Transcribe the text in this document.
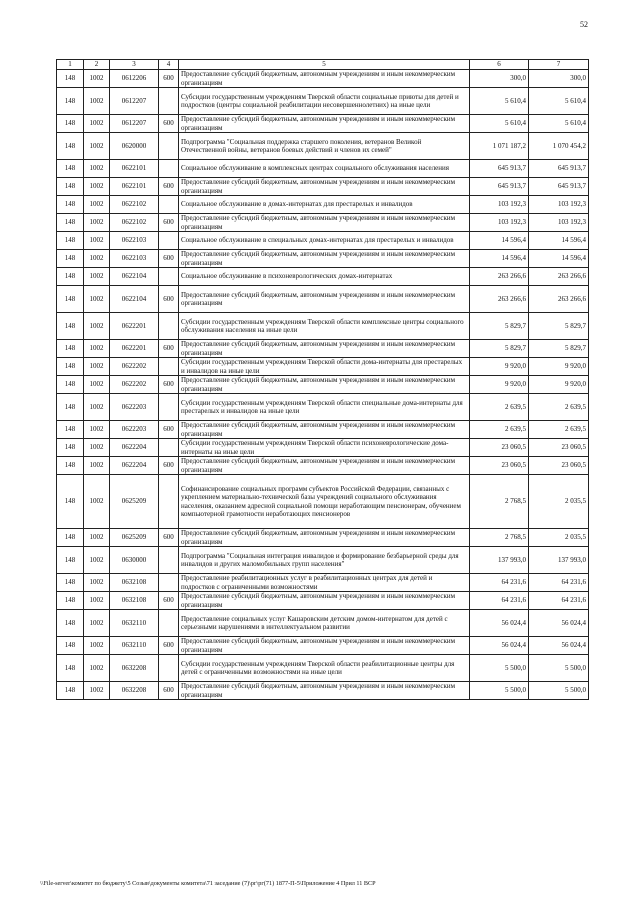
52
1	2	3	4	5	6	7
148	1002	0612206	600	Предоставление субсидий бюджетным, автономным учреждениям и иным некоммерческим организациям	300,0	300,0
148	1002	0612207		Субсидии государственным учреждениям Тверской области социальные приюты для детей и подростков (центры социальной реабилитации несовершеннолетних) на иные цели	5 610,4	5 610,4
148	1002	0612207	600	Предоставление субсидий бюджетным, автономным учреждениям и иным некоммерческим организациям	5 610,4	5 610,4
148	1002	0620000		Подпрограмма "Социальная поддержка старшего поколения, ветеранов Великой Отечественной войны, ветеранов боевых действий и членов их семей"	1 071 187,2	1 070 454,2
148	1002	0622101		Социальное обслуживание в комплексных центрах социального обслуживания населения	645 913,7	645 913,7
148	1002	0622101	600	Предоставление субсидий бюджетным, автономным учреждениям и иным некоммерческим организациям	645 913,7	645 913,7
148	1002	0622102		Социальное обслуживание в домах-интернатах для престарелых и инвалидов	103 192,3	103 192,3
148	1002	0622102	600	Предоставление субсидий бюджетным, автономным учреждениям и иным некоммерческим организациям	103 192,3	103 192,3
148	1002	0622103		Социальное обслуживание в специальных домах-интернатах для престарелых и инвалидов	14 596,4	14 596,4
148	1002	0622103	600	Предоставление субсидий бюджетным, автономным учреждениям и иным некоммерческим организациям	14 596,4	14 596,4
148	1002	0622104		Социальное обслуживание в психоневрологических домах-интернатах	263 266,6	263 266,6
148	1002	0622104	600	Предоставление субсидий бюджетным, автономным учреждениям и иным некоммерческим организациям	263 266,6	263 266,6
148	1002	0622201		Субсидии государственным учреждениям Тверской области комплексные центры социального обслуживания населения на иные цели	5 829,7	5 829,7
148	1002	0622201	600	Предоставление субсидий бюджетным, автономным учреждениям и иным некоммерческим организациям	5 829,7	5 829,7
148	1002	0622202		Субсидии государственным учреждениям Тверской области дома-интернаты для престарелых и инвалидов на иные цели	9 920,0	9 920,0
148	1002	0622202	600	Предоставление субсидий бюджетным, автономным учреждениям и иным некоммерческим организациям	9 920,0	9 920,0
148	1002	0622203		Субсидии государственным учреждениям Тверской области специальные дома-интернаты для престарелых и инвалидов на иные цели	2 639,5	2 639,5
148	1002	0622203	600	Предоставление субсидий бюджетным, автономным учреждениям и иным некоммерческим организациям	2 639,5	2 639,5
148	1002	0622204		Субсидии государственным учреждениям Тверской области психоневрологические дома-интернаты на иные цели	23 060,5	23 060,5
148	1002	0622204	600	Предоставление субсидий бюджетным, автономным учреждениям и иным некоммерческим организациям	23 060,5	23 060,5
148	1002	0625209		Софинансирование социальных программ субъектов Российской Федерации, связанных с укреплением материально-технической базы учреждений социального обслуживания населения, оказанием адресной социальной помощи неработающим пенсионерам, обучением компьютерной грамотности неработающих пенсионеров	2 768,5	2 035,5
148	1002	0625209	600	Предоставление субсидий бюджетным, автономным учреждениям и иным некоммерческим организациям	2 768,5	2 035,5
148	1002	0630000		Подпрограмма "Социальная интеграция инвалидов и формирование безбарьерной среды для инвалидов и других маломобильных групп населения"	137 993,0	137 993,0
148	1002	0632108		Предоставление реабилитационных услуг в реабилитационных центрах для детей и подростков с ограниченными возможностями	64 231,6	64 231,6
148	1002	0632108	600	Предоставление субсидий бюджетным, автономным учреждениям и иным некоммерческим организациям	64 231,6	64 231,6
148	1002	0632110		Предоставление социальных услуг Кашаровским детским домом-интернатом для детей с серьезными нарушениями в интеллектуальном развитии	56 024,4	56 024,4
148	1002	0632110	600	Предоставление субсидий бюджетным, автономным учреждениям и иным некоммерческим организациям	56 024,4	56 024,4
148	1002	0632208		Субсидии государственным учреждениям Тверской области реабилитационные центры для детей с ограниченными возможностями на иные цели	5 500,0	5 500,0
148	1002	0632208	600	Предоставление субсидий бюджетным, автономным учреждениям и иным некоммерческим организациям	5 500,0	5 500,0
\\File-server\комитет по бюджету\5 Созыв\документы комитета\71 заседание (7)\рг\рг(71) 1877-П-5\Приложение 4 Прил 11 ВСР
